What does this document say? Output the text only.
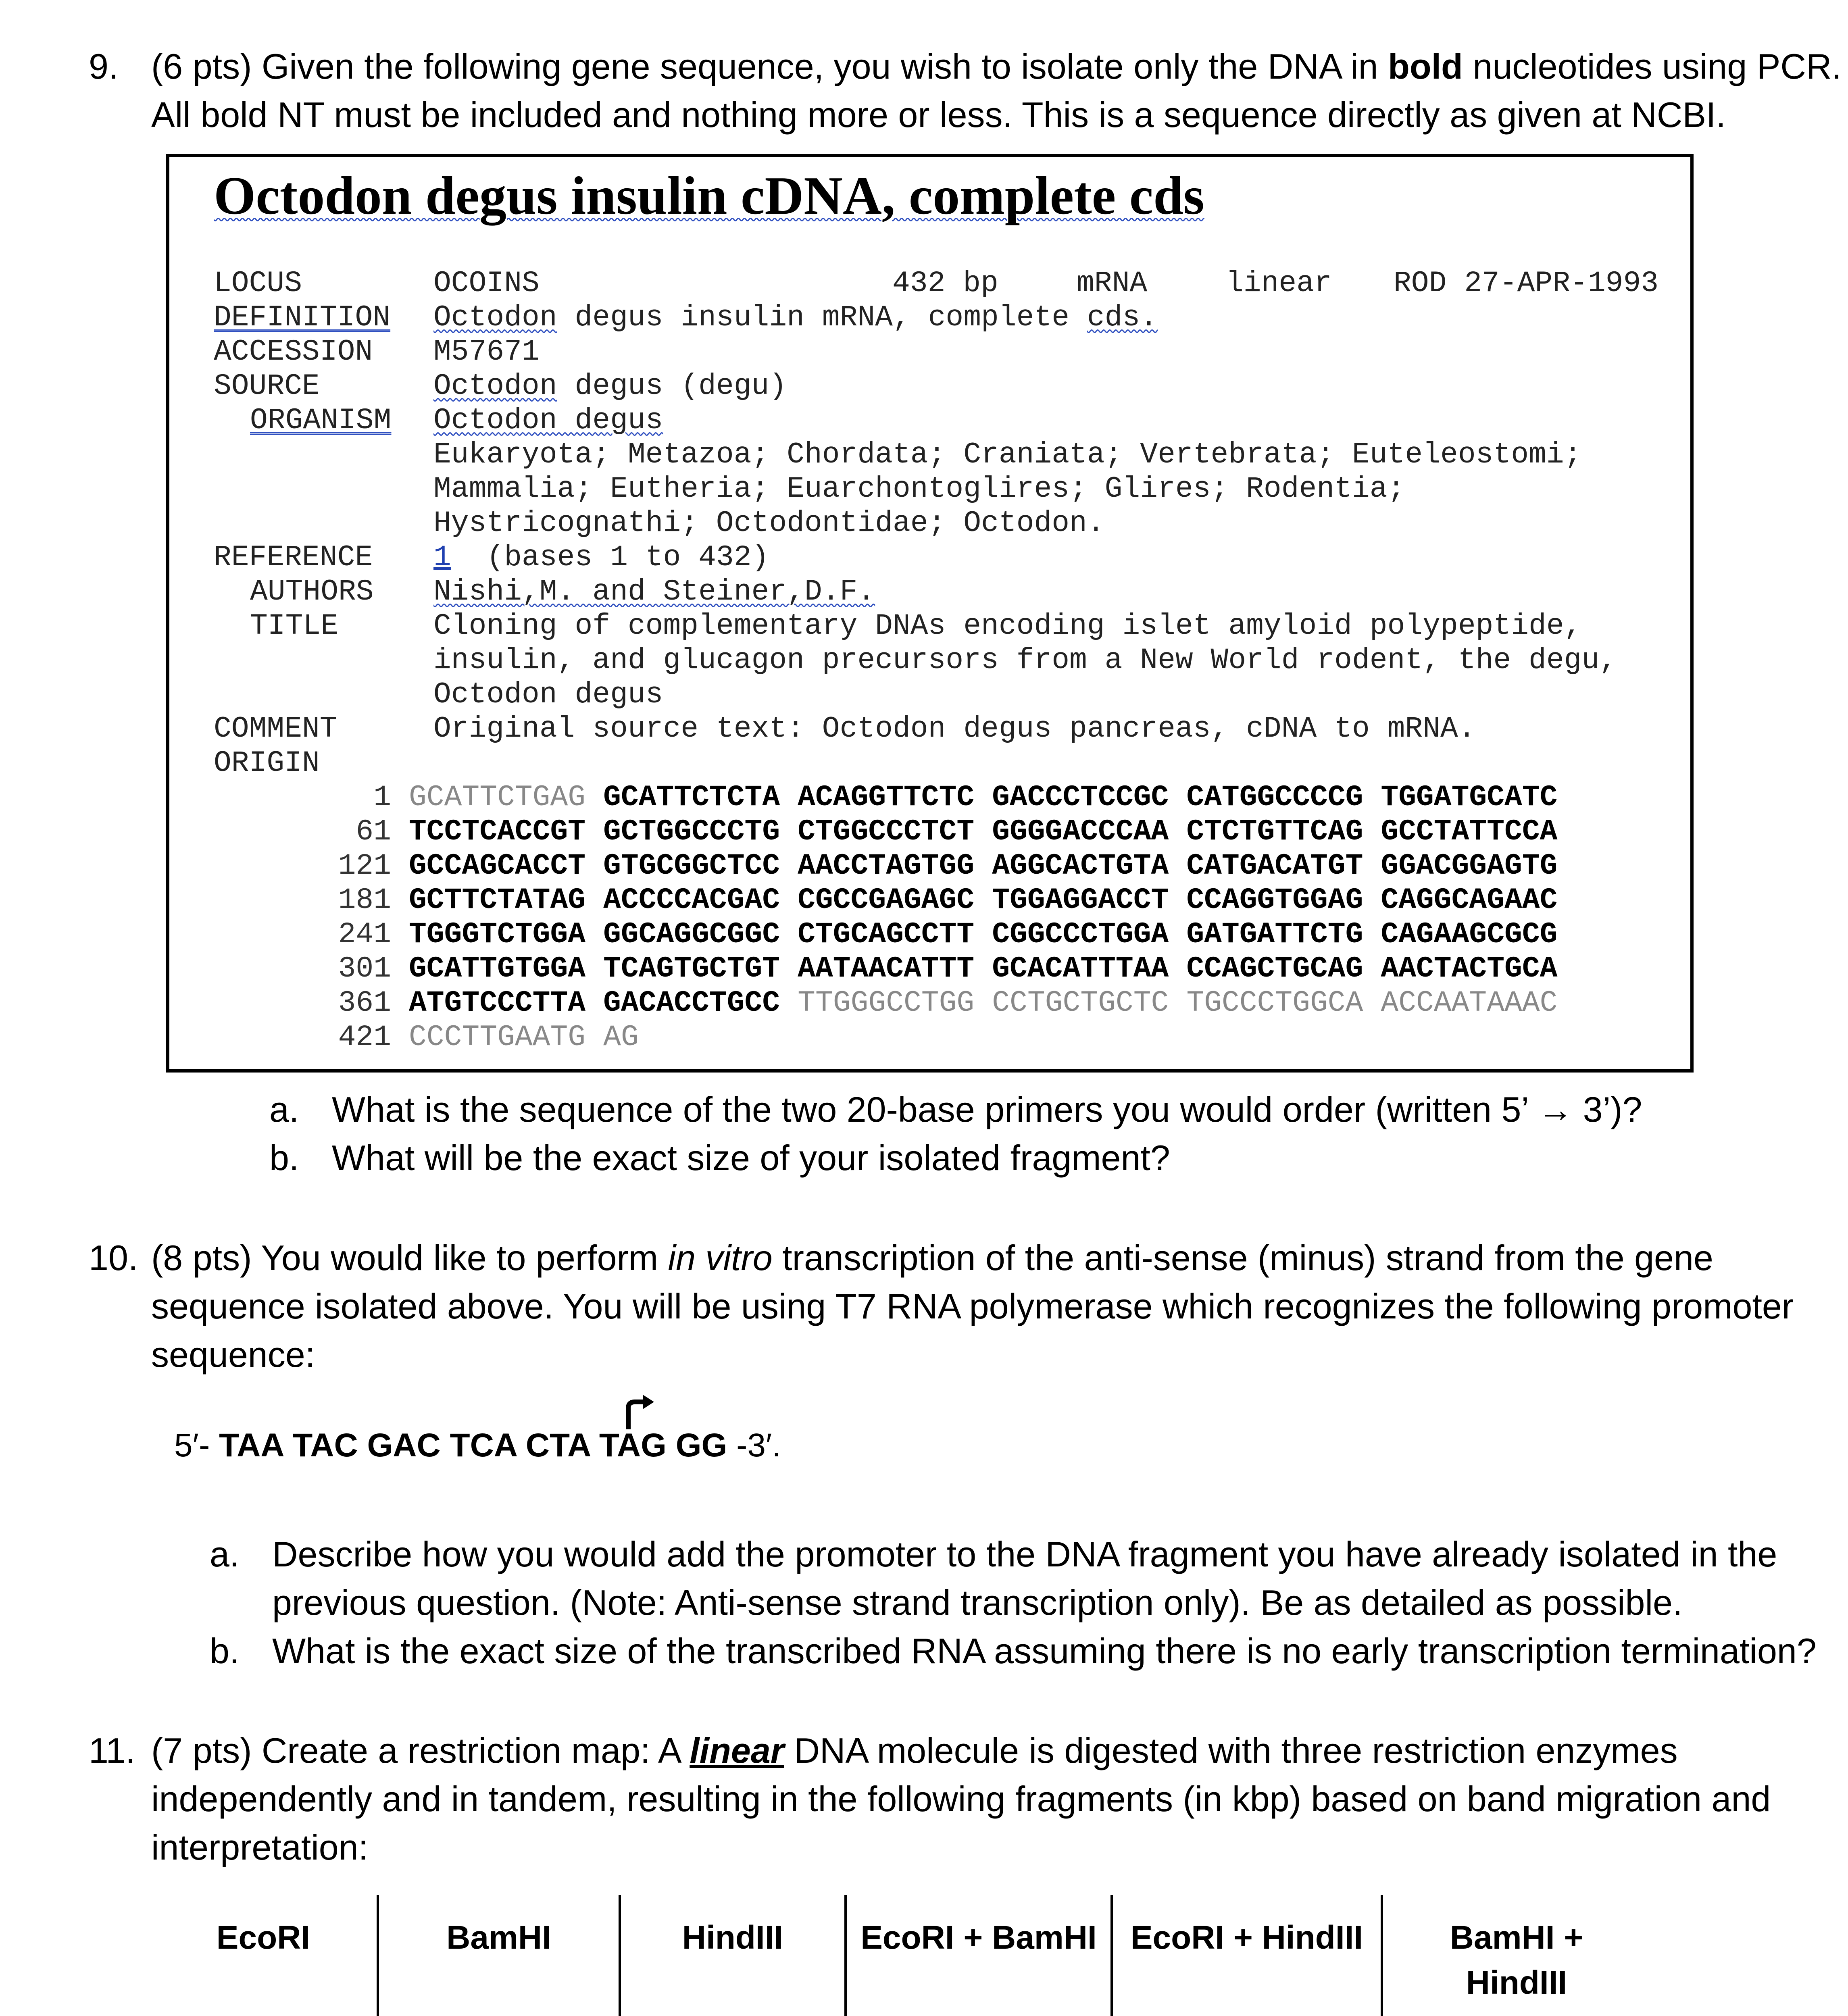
9. (6 pts) Given the following gene sequence, you wish to isolate only the DNA in bold nucleotides using PCR.
All bold NT must be included and nothing more or less. This is a sequence directly as given at NCBI.
Octodon degus insulin cDNA, complete cds
LOCUS	OCOINS	432 bp	mRNA	linear ROD 27-APR-1993
DEFINITION Octodon degus insulin mRNA, complete cds.
ACCESSION M57671
SOURCE	Octodon degus (degu)
ORGANISM Octodon degus
Eukaryota; Metazoa; Chordata; Craniata; Vertebrata; Euteleostomi;
Mammalia; Eutheria; Euarchontoglires; Glires; Rodentia;
Hystricognathi; Octodontidae; Octodon.
REFERENCE 1  (bases 1 to 432)
AUTHORS Nishi,M. and Steiner,D.F.
TITLE	Cloning of complementary DNAs encoding islet amyloid polypeptide,
insulin, and glucagon precursors from a New World rodent, the degu,
Octodon degus
COMMENT	Original source text: Octodon degus pancreas, cDNA to mRNA.
ORIGIN
1 GCATTCTGAG GCATTCTCTA ACAGGTTCTC GACCCTCCGC CATGGCCCCG TGGATGCATC
61 TCCTCACCGT GCTGGCCCTG CTGGCCCTCT GGGGACCCAA CTCTGTTCAG GCCTATTCCA
121 GCCAGCACCT GTGCGGCTCC AACCTAGTGG AGGCACTGTA CATGACATGT GGACGGAGTG
181 GCTTCTATAG ACCCCACGAC CGCCGAGAGC TGGAGGACCT CCAGGTGGAG CAGGCAGAAC
241 TGGGTCTGGA GGCAGGCGGC CTGCAGCCTT CGGCCCTGGA GATGATTCTG CAGAAGCGCG
301 GCATTGTGGA TCAGTGCTGT AATAACATTT GCACATTTAA CCAGCTGCAG AACTACTGCA
361 ATGTCCCTTA GACACCTGCC TTGGGCCTGG CCTGCTGCTC TGCCCTGGCA ACCAATAAAC
421 CCCTTGAATG AG
a. What is the sequence of the two 20-base primers you would order (written 5’ → 3’)?
b. What will be the exact size of your isolated fragment?
10. (8 pts) You would like to perform in vitro transcription of the anti-sense (minus) strand from the gene
sequence isolated above. You will be using T7 RNA polymerase which recognizes the following promoter
sequence:
5′- TAA TAC GAC TCA CTA TAG GG -3′.
a. Describe how you would add the promoter to the DNA fragment you have already isolated in the
previous question. (Note: Anti-sense strand transcription only). Be as detailed as possible.
b. What is the exact size of the transcribed RNA assuming there is no early transcription termination?
11. (7 pts) Create a restriction map: A linear DNA molecule is digested with three restriction enzymes
independently and in tandem, resulting in the following fragments (in kbp) based on band migration and
interpretation:
EcoRI	BamHI	HindIII	EcoRI + BamHI	EcoRI + HindIII	BamHI +
HindIII
